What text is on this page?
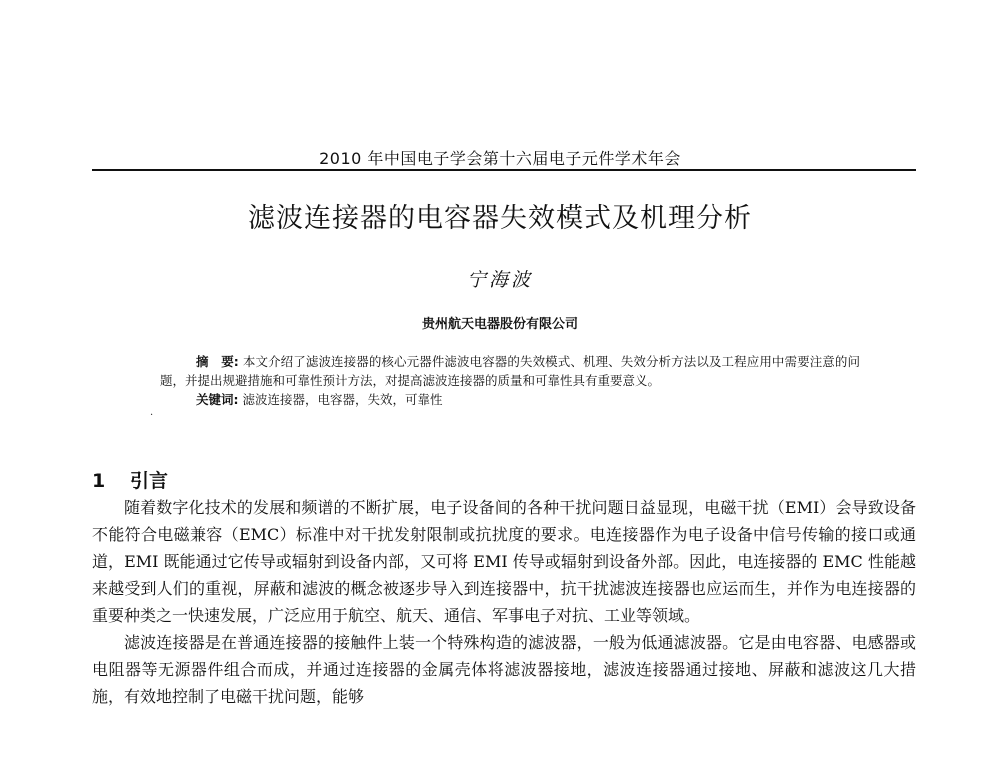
2010 年中国电子学会第十六届电子元件学术年会
滤波连接器的电容器失效模式及机理分析
宁海波
贵州航天电器股份有限公司
摘　要: 本文介绍了滤波连接器的核心元器件滤波电容器的失效模式、机理、失效分析方法以及工程应用中需要注意的问题，并提出规避措施和可靠性预计方法，对提高滤波连接器的质量和可靠性具有重要意义。
关键词: 滤波连接器，电容器，失效，可靠性
·
1 引言

随着数字化技术的发展和频谱的不断扩展，电子设备间的各种干扰问题日益显现，电磁干扰（EMI）会导致设备不能符合电磁兼容（EMC）标准中对干扰发射限制或抗扰度的要求。电连接器作为电子设备中信号传输的接口或通道，EMI 既能通过它传导或辐射到设备内部，又可将 EMI 传导或辐射到设备外部。因此，电连接器的 EMC 性能越来越受到人们的重视，屏蔽和滤波的概念被逐步导入到连接器中，抗干扰滤波连接器也应运而生，并作为电连接器的重要种类之一快速发展，广泛应用于航空、航天、通信、军事电子对抗、工业等领域。

滤波连接器是在普通连接器的接触件上装一个特殊构造的滤波器，一般为低通滤波器。它是由电容器、电感器或电阻器等无源器件组合而成，并通过连接器的金属壳体将滤波器接地，滤波连接器通过接地、屏蔽和滤波这几大措施，有效地控制了电磁干扰问题，能够
